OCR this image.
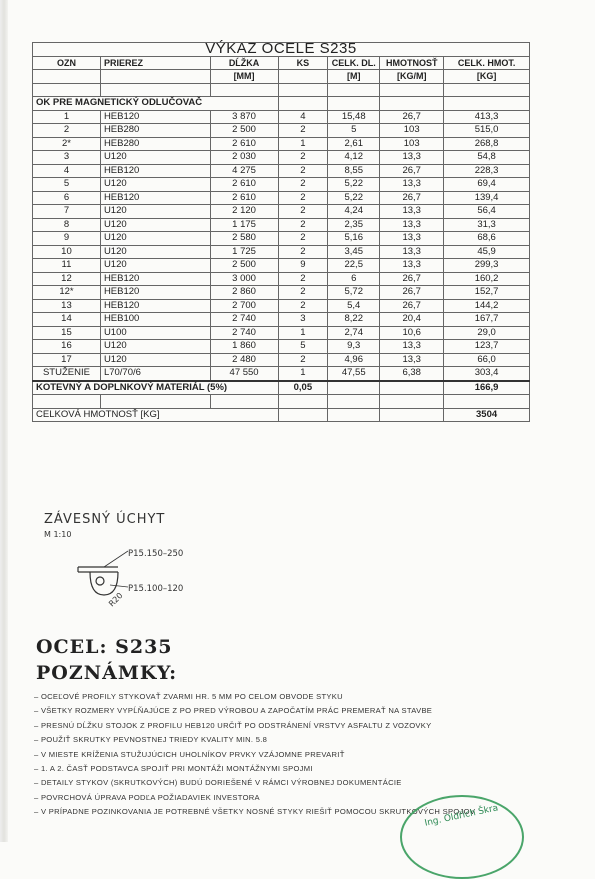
VÝKAZ OCELE S235						
OZN	PRIEREZ	DĹŽKA	KS	CELK. DL.	HMOTNOSŤ	CELK. HMOT.
		[MM]		[M]	[KG/M]	[KG]

OK PRE MAGNETICKÝ ODLUČOVAČ						
1	HEB120	3 870	4	15,48	26,7	413,3
2	HEB280	2 500	2	5	103	515,0
2*	HEB280	2 610	1	2,61	103	268,8
3	U120	2 030	2	4,12	13,3	54,8
4	HEB120	4 275	2	8,55	26,7	228,3
5	U120	2 610	2	5,22	13,3	69,4
6	HEB120	2 610	2	5,22	26,7	139,4
7	U120	2 120	2	4,24	13,3	56,4
8	U120	1 175	2	2,35	13,3	31,3
9	U120	2 580	2	5,16	13,3	68,6
10	U120	1 725	2	3,45	13,3	45,9
11	U120	2 500	9	22,5	13,3	299,3
12	HEB120	3 000	2	6	26,7	160,2
12*	HEB120	2 860	2	5,72	26,7	152,7
13	HEB120	2 700	2	5,4	26,7	144,2
14	HEB100	2 740	3	8,22	20,4	167,7
15	U100	2 740	1	2,74	10,6	29,0
16	U120	1 860	5	9,3	13,3	123,7
17	U120	2 480	2	4,96	13,3	66,0
STUŽENIE	L70/70/6	47 550	1	47,55	6,38	303,4
KOTEVNÝ A DOPLNKOVÝ MATERIÁL (5%)			0,05			166,9

CELKOVÁ HMOTNOSŤ [KG]						3504
ZÁVESNÝ ÚCHYT
M 1:10
R20
P15.150–250
P15.100–120
OCEL: S235
POZNÁMKY:
– OCEĽOVÉ PROFILY STYKOVAŤ ZVARMI HR. 5 MM PO CELOM OBVODE STYKU
– VŠETKY ROZMERY VYPĹŇAJÚCE Z PO PRED VÝROBOU A ZAPOČATÍM PRÁC PREMERAŤ NA STAVBE
– PRESNÚ DĹŽKU STOJOK Z PROFILU HEB120 URČIŤ PO ODSTRÁNENÍ VRSTVY ASFALTU Z VOZOVKY
– POUŽIŤ SKRUTKY PEVNOSTNEJ TRIEDY KVALITY MIN. 5.8
– V MIESTE KRÍŽENIA STUŽUJÚCICH UHOLNÍKOV PRVKY VZÁJOMNE PREVARIŤ
– 1. A 2. ČASŤ PODSTAVCA SPOJIŤ PRI MONTÁŽI MONTÁŽNYMI SPOJMI
– DETAILY STYKOV (SKRUTKOVÝCH) BUDÚ DORIEŠENÉ V RÁMCI VÝROBNEJ DOKUMENTÁCIE
– POVRCHOVÁ ÚPRAVA PODĽA POŽIADAVIEK INVESTORA
– V PRÍPADNE POZINKOVANIA JE POTREBNÉ VŠETKY NOSNÉ STYKY RIEŠIŤ POMOCOU SKRUTKOVÝCH SPOJOV
Ing. Oldřich Škra
